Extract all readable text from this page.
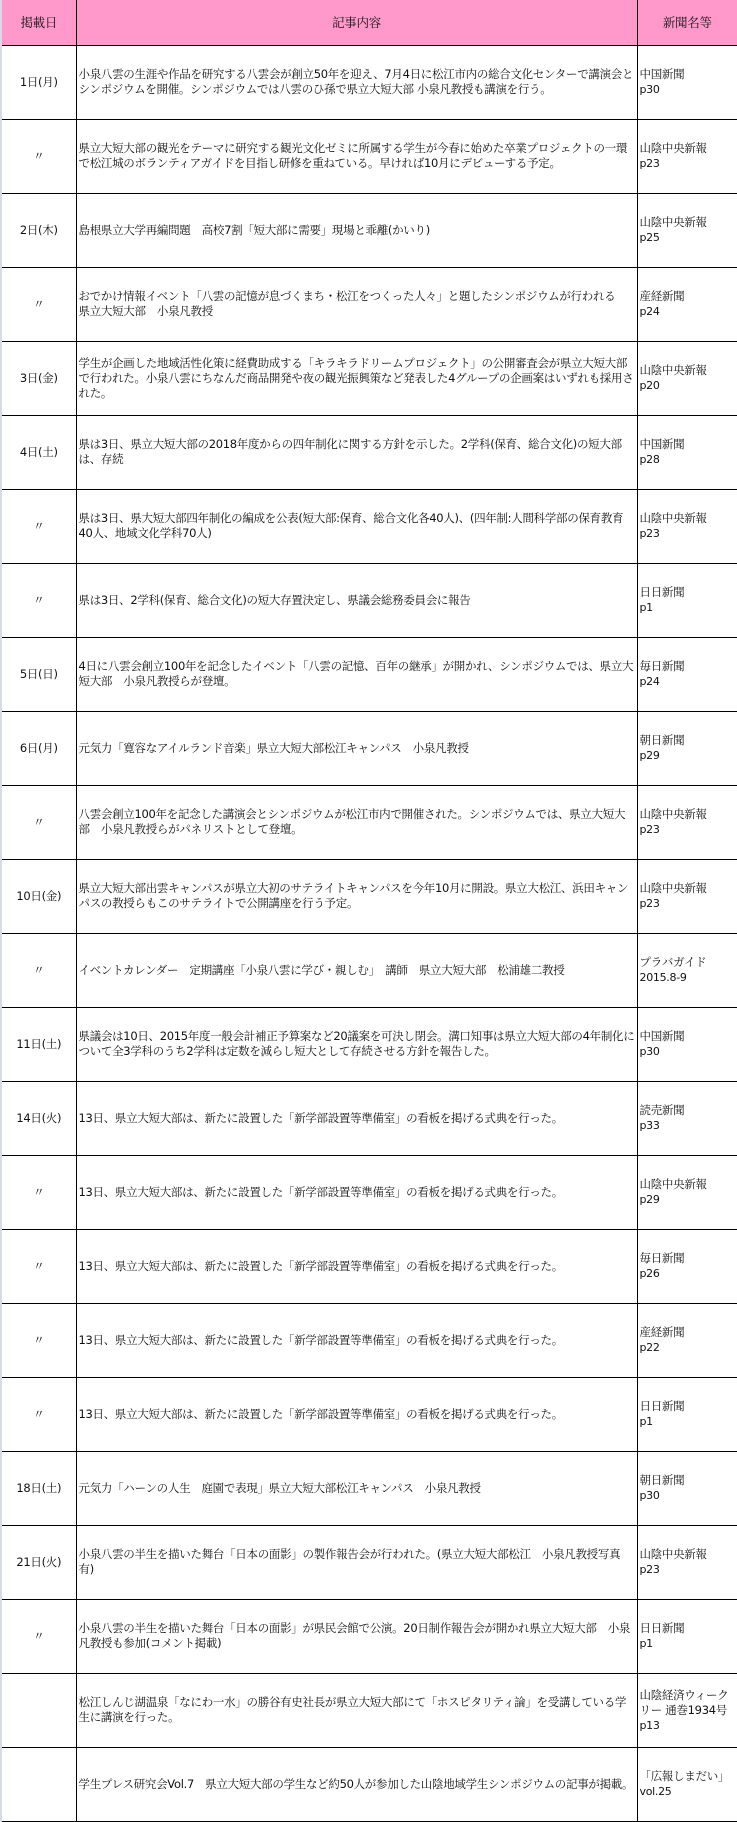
掲載日	記事内容	新聞名等
1日(月)	小泉八雲の生涯や作品を研究する八雲会が創立50年を迎え、7月4日に松江市内の総合文化センターで講演会とシンポジウムを開催。シンポジウムでは八雲のひ孫で県立大短大部 小泉凡教授も講演を行う。	中国新聞
p30

〃	県立大短大部の観光をテーマに研究する観光文化ゼミに所属する学生が今春に始めた卒業プロジェクトの一環で松江城のボランティアガイドを目指し研修を重ねている。早ければ10月にデビューする予定。	山陰中央新報
p23

2日(木)	島根県立大学再編問題　高校7割「短大部に需要」現場と乖離(かいり)	山陰中央新報
p25

〃	おでかけ情報イベント「八雲の記憶が息づくまち・松江をつくった人々」と題したシンポジウムが行われる　県立大短大部　小泉凡教授	産経新聞
p24

3日(金)	学生が企画した地域活性化策に経費助成する「キラキラドリームプロジェクト」の公開審査会が県立大短大部で行われた。小泉八雲にちなんだ商品開発や夜の観光振興策など発表した4グループの企画案はいずれも採用された。	山陰中央新報
p20

4日(土)	県は3日、県立大短大部の2018年度からの四年制化に関する方針を示した。2学科(保育、総合文化)の短大部は、存続	中国新聞
p28

〃	県は3日、県大短大部四年制化の編成を公表(短大部:保育、総合文化各40人)、(四年制:人間科学部の保育教育40人、地域文化学科70人)	山陰中央新報
p23

〃	県は3日、2学科(保育、総合文化)の短大存置決定し、県議会総務委員会に報告	日日新聞
p1

5日(日)	4日に八雲会創立100年を記念したイベント「八雲の記憶、百年の継承」が開かれ、シンポジウムでは、県立大短大部　小泉凡教授らが登壇。	毎日新聞
p24

6日(月)	元気力「寛容なアイルランド音楽」県立大短大部松江キャンパス　小泉凡教授	朝日新聞
p29

〃	八雲会創立100年を記念した講演会とシンポジウムが松江市内で開催された。シンポジウムでは、県立大短大部　小泉凡教授らがパネリストとして登壇。	山陰中央新報
p23

10日(金)	県立大短大部出雲キャンパスが県立大初のサテライトキャンパスを今年10月に開設。県立大松江、浜田キャンパスの教授らもこのサテライトで公開講座を行う予定。	山陰中央新報
p23

〃	イベントカレンダー　定期講座「小泉八雲に学び・親しむ」　講師　県立大短大部　松浦雄二教授	プラバガイド
2015.8-9

11日(土)	県議会は10日、2015年度一般会計補正予算案など20議案を可決し閉会。溝口知事は県立大短大部の4年制化について全3学科のうち2学科は定数を減らし短大として存続させる方針を報告した。	中国新聞
p30

14日(火)	13日、県立大短大部は、新たに設置した「新学部設置等準備室」の看板を掲げる式典を行った。	読売新聞
p33

〃	13日、県立大短大部は、新たに設置した「新学部設置等準備室」の看板を掲げる式典を行った。	山陰中央新報
p29

〃	13日、県立大短大部は、新たに設置した「新学部設置等準備室」の看板を掲げる式典を行った。	毎日新聞
p26

〃	13日、県立大短大部は、新たに設置した「新学部設置等準備室」の看板を掲げる式典を行った。	産経新聞
p22

〃	13日、県立大短大部は、新たに設置した「新学部設置等準備室」の看板を掲げる式典を行った。	日日新聞
p1

18日(土)	元気力「ハーンの人生　庭園で表現」県立大短大部松江キャンパス　小泉凡教授	朝日新聞
p30

21日(火)	小泉八雲の半生を描いた舞台「日本の面影」の製作報告会が行われた。(県立大短大部松江　小泉凡教授写真有)	山陰中央新報
p23

〃	小泉八雲の半生を描いた舞台「日本の面影」が県民会館で公演。20日制作報告会が開かれ県立大短大部　小泉凡教授も参加(コメント掲載)	日日新聞
p1

	松江しんじ湖温泉「なにわ一水」の勝谷有史社長が県立大短大部にて「ホスピタリティ論」を受講している学生に講演を行った。	山陰経済ウィークリー 通巻1934号
p13

	学生プレス研究会Vol.7　県立大短大部の学生など約50人が参加した山陰地域学生シンポジウムの記事が掲載。	「広報しまだい」
vol.25
